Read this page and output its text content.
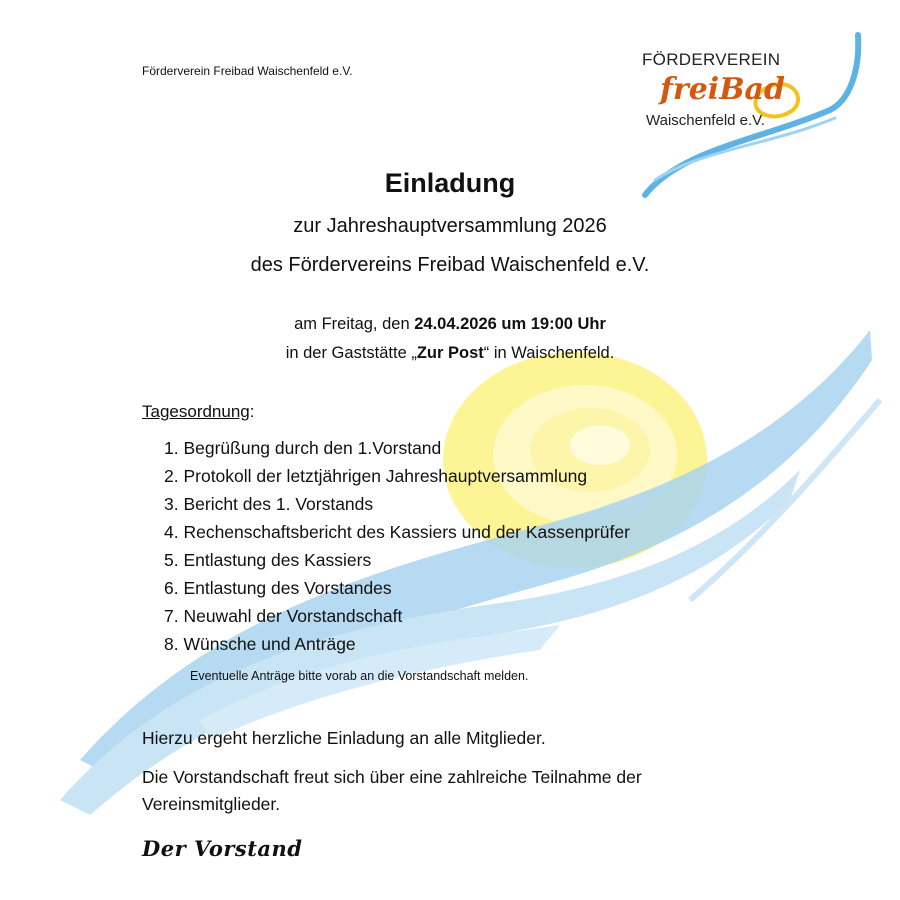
Förderverein Freibad Waischenfeld e.V.
FÖRDERVEREIN
freiBad
Waischenfeld e.V.
Einladung
zur Jahreshauptversammlung 2026
des Fördervereins Freibad Waischenfeld e.V.
am Freitag, den 24.04.2026 um 19:00 Uhr
in der Gaststätte „Zur Post“ in Waischenfeld.
Tagesordnung:
1. Begrüßung durch den 1.Vorstand
2. Protokoll der letztjährigen Jahreshauptversammlung
3. Bericht des 1. Vorstands
4. Rechenschaftsbericht des Kassiers und der Kassenprüfer
5. Entlastung des Kassiers
6. Entlastung des Vorstandes
7. Neuwahl der Vorstandschaft
8. Wünsche und Anträge
Eventuelle Anträge bitte vorab an die Vorstandschaft melden.
Hierzu ergeht herzliche Einladung an alle Mitglieder.
Die Vorstandschaft freut sich über eine zahlreiche Teilnahme der Vereinsmitglieder.
Der Vorstand
